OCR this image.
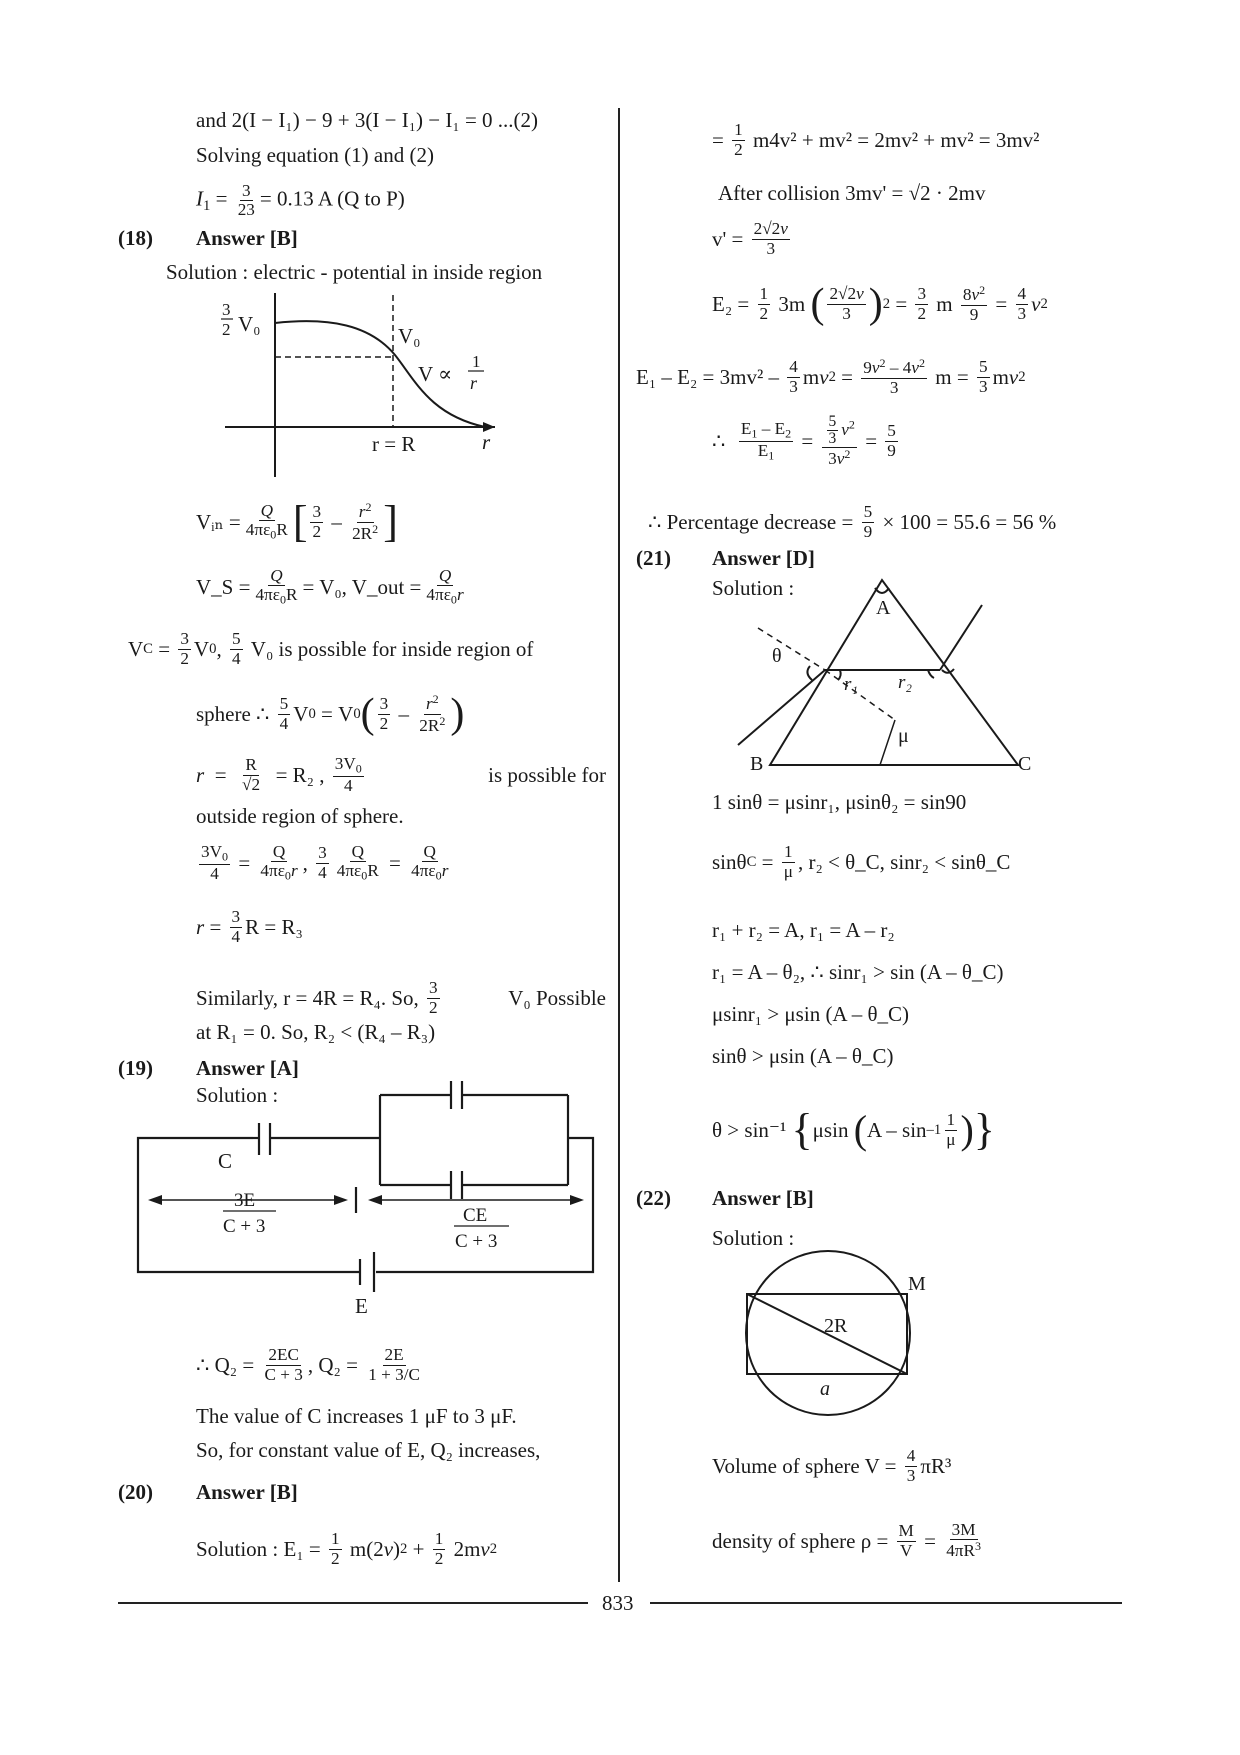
and 2(I − I₁) − 9 + 3(I − I₁) − I₁ = 0 ...(2)
Solving equation (1) and (2)
$I_1 = \frac{3}{23} = 0.13$ A (Q to P)
(18) Answer [B]
Solution : electric - potential in inside region
3
2 V₀	V₀
V ∝
1
r
r = R	r
Vᵢₙ = $\frac{Q}{4\pi\varepsilon_0R}$ [ $\frac{3}{2} - \frac{r^2}{2R^2}$ ]
V_S = $\frac{Q}{4\pi\varepsilon_0R} = V_0$, V_out = $\frac{Q}{4\pi\varepsilon_0r}$
V $C = \frac{3}{2}$ V 0 , $\frac{5}{4}$
V₀ is possible for inside region of
sphere ∴
$\frac{5}{4}$ V 0 = V 0 ( $\frac{3}{2} - \frac{r^2}{2R^2}$ )
$r = \frac{R}{√2}$
= R₂ ,
$\frac{3V_0}{4}$	is possible for
outside region of sphere.
$\frac{3V_0}{4} = \frac{Q}{4\pi\varepsilon_0r}$ , $\frac{3}{4} \frac{Q}{4\pi\varepsilon_0R} = \frac{Q}{4\pi\varepsilon_0r}$
$r = \frac{3}{4}$ R = R₃
Similarly, r = 4R = R₄. So,
$\frac{3}{2}$	V₀ Possible
at R₁ = 0. So, R₂ < (R₄ – R₃)
(19) Answer [A]
Solution :
C
E
3E
C + 3
CE
C + 3
∴ Q₂ =
$\frac{2EC}{C + 3}$ , Q₂ =
$\frac{2E}{1 + 3/C}$
The value of C increases 1 μF to 3 μF.
So, for constant value of E, Q₂ increases,
(20) Answer [B]
Solution : E₁ =
$\frac{1}{2} m(2$ v ) $2 + \frac{1}{2} 2m$ v 2
= $\frac{1}{2}$
m4v² + mv² = 2mv² + mv² = 3mv²
After collision 3mv' = √2 · 2mv
v' =
$\frac{2√2v}{3}$
E₂ =
$\frac{1}{2} 3m$ ( $\frac{2√2v}{3}$ ) $2 = \frac{3}{2}$ m $\frac{8v^2}{9} = \frac{4}{3}$ v 2
E₁ – E₂ = 3mv² –
$\frac{4}{3}$ m v $2 = \frac{9v^2 - 4v^2}{3}$ $m = \frac{5}{3}$ m v 2
∴
$\frac{E_1 - E_2}{E_1} = \frac{\frac{5}{3} v^2}{3v^2} = \frac{5}{9}$
∴ Percentage decrease =
$\frac{5}{9}$
× 100 = 55.6 = 56 %
(21) Answer [D]
Solution :
A
B	C
θ
r₁ r₂
μ
1 sinθ = μsinr₁, μsinθ₂ = sin90
sinθ $C = \frac{1}{\mu}$ , r₂ < θ_C, sinr₂ < sinθ_C
r₁ + r₂ = A, r₁ = A – r₂
r₁ = A – θ₂, ∴ sinr₁ > sin (A – θ_C)
μsinr₁ > μsin (A – θ_C)
sinθ > μsin (A – θ_C)
θ > sin⁻¹
{ μsin ( A – $\sin -1 \frac{1}{\mu}$ ) }
(22) Answer [B]
Solution :
M
2R
a
Volume of sphere V =
$\frac{4}{3} \pi R^3$
density of sphere ρ =
$\frac{M}{V} = \frac{3M}{4\pi R^3}$
833
